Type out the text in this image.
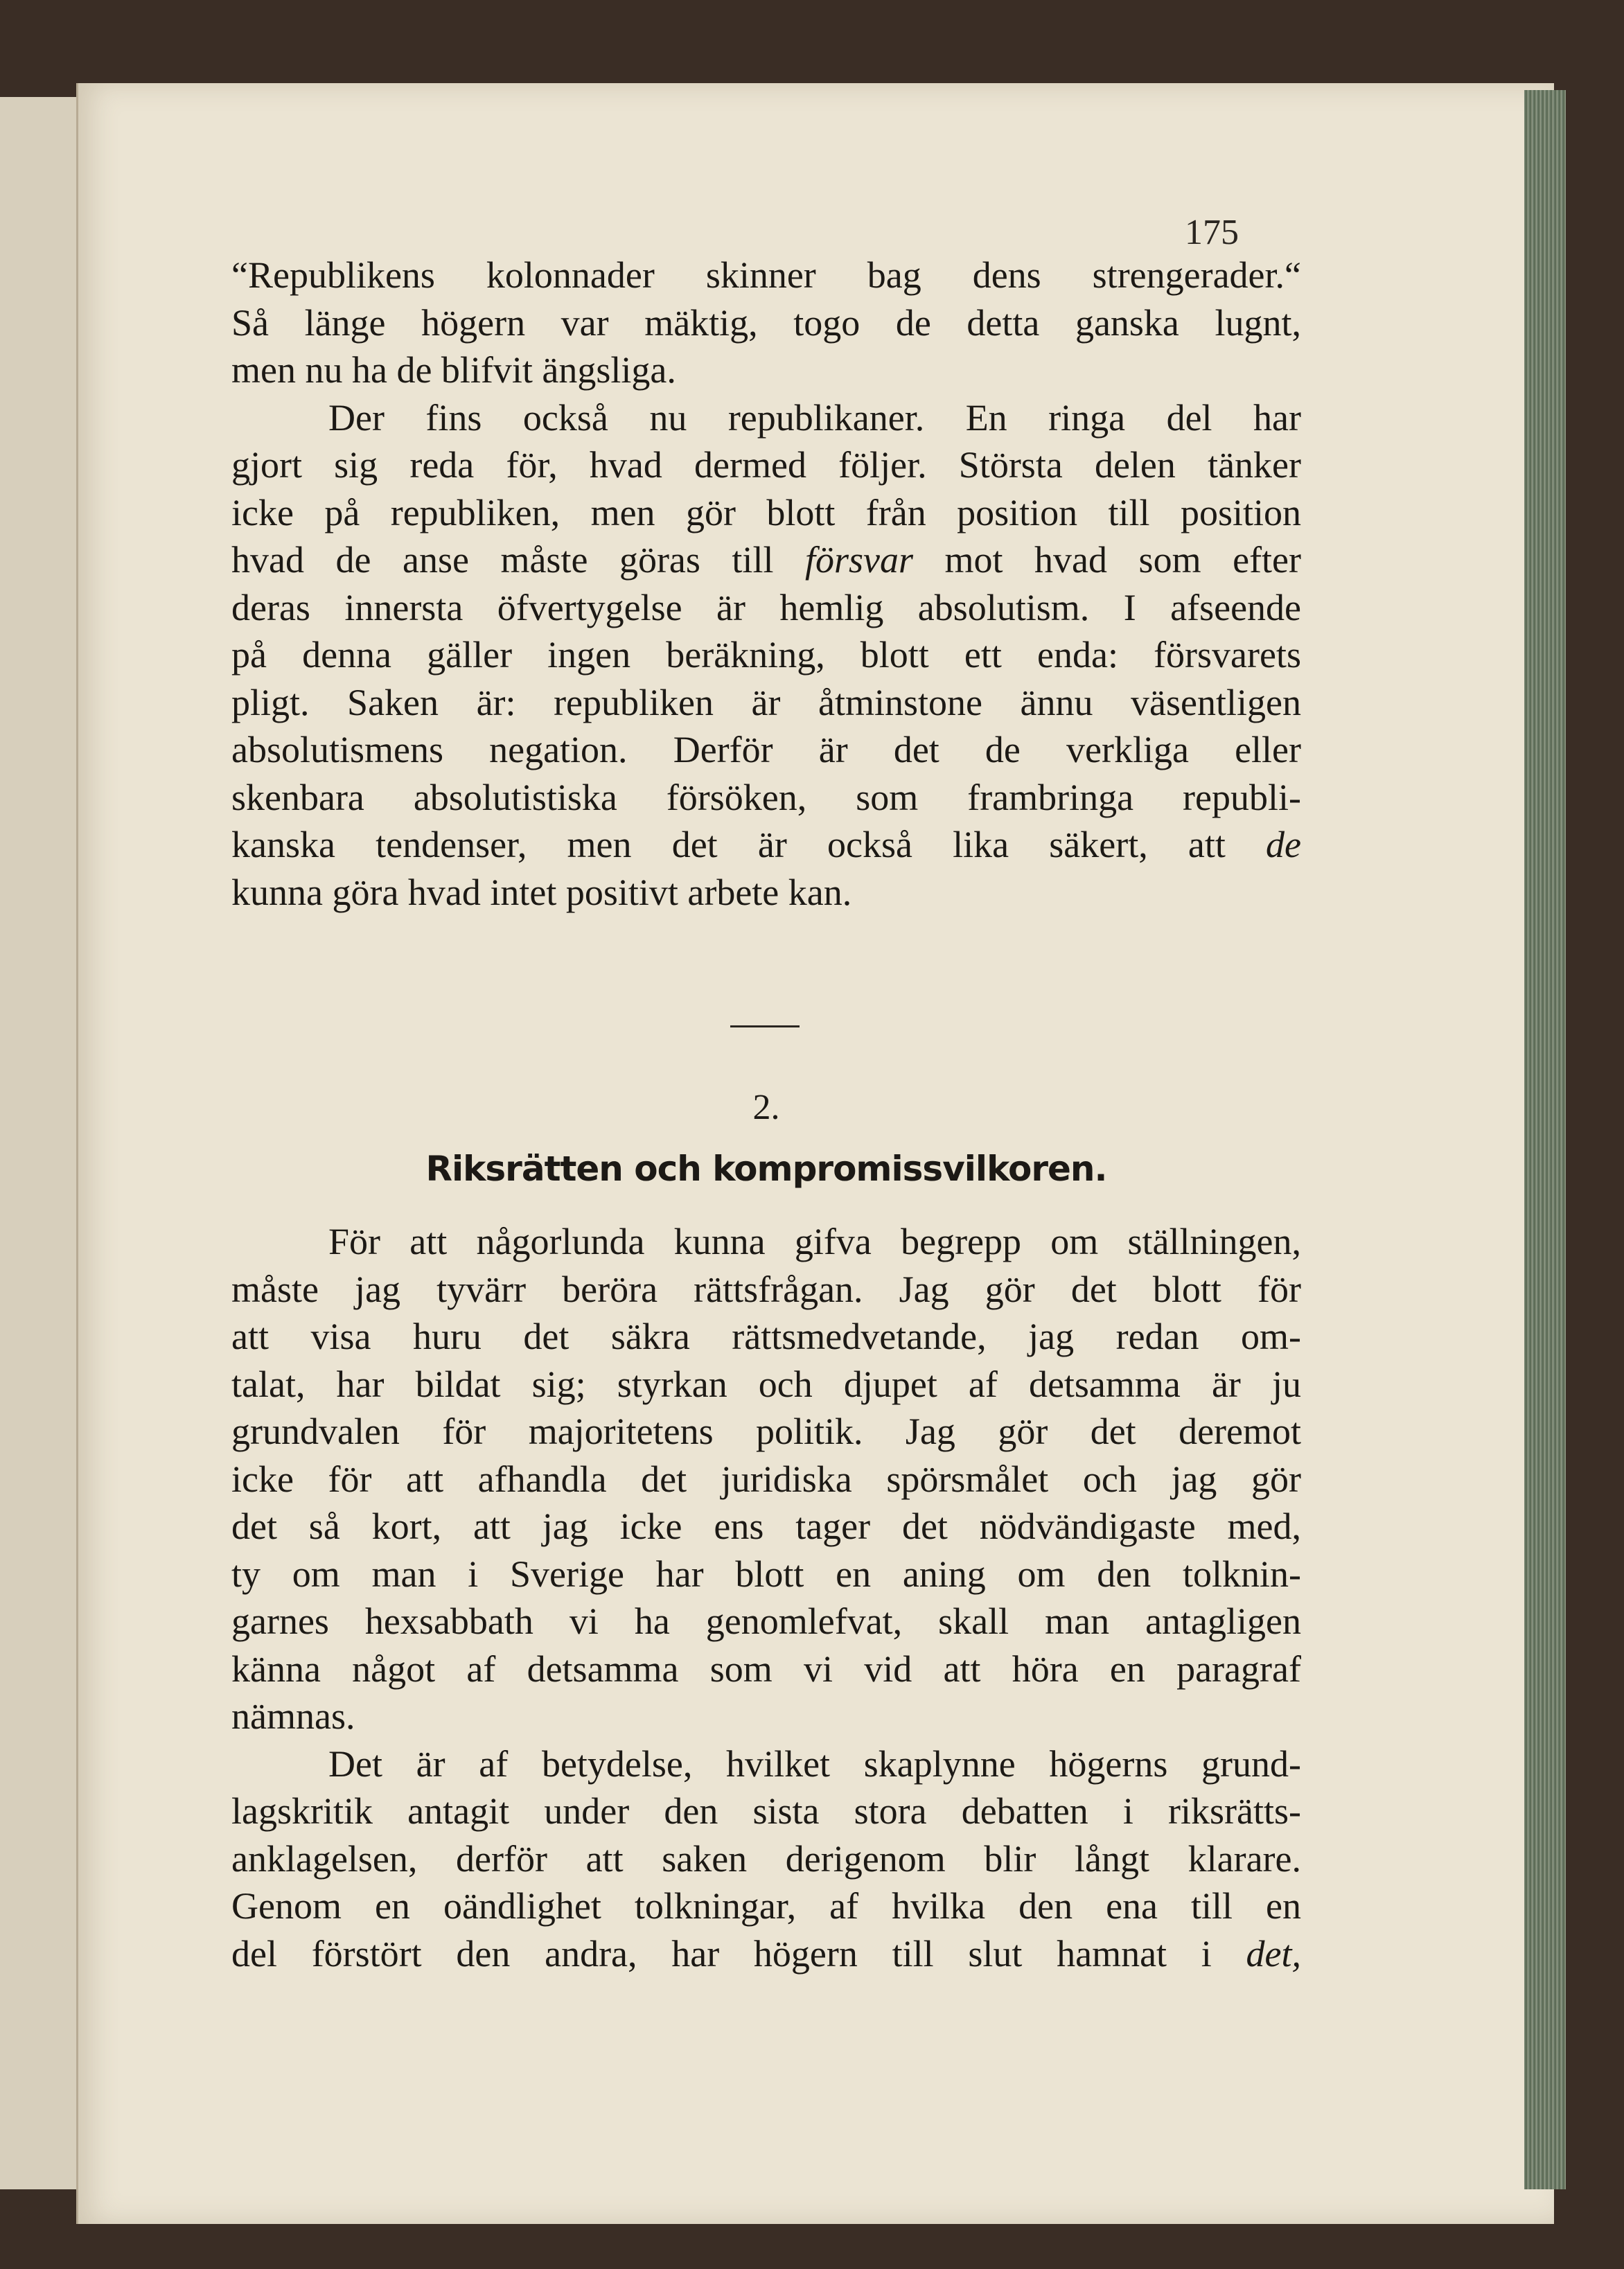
175
“Republikens kolonnader skinner bag dens strengerader.“
Så länge högern var mäktig, togo de detta ganska lugnt,
men nu ha de blifvit ängsliga.
Der fins också nu republikaner. En ringa del har
gjort sig reda för, hvad dermed följer. Största delen tänker
icke på republiken, men gör blott från position till position
hvad de anse måste göras till försvar mot hvad som efter
deras innersta öfvertygelse är hemlig absolutism. I afseende
på denna gäller ingen beräkning, blott ett enda: försvarets
pligt. Saken är: republiken är åtminstone ännu väsentligen
absolutismens negation. Derför är det de verkliga eller
skenbara absolutistiska försöken, som frambringa republi-
kanska tendenser, men det är också lika säkert, att de
kunna göra hvad intet positivt arbete kan.
2.
Riksrätten och kompromissvilkoren.
För att någorlunda kunna gifva begrepp om ställningen,
måste jag tyvärr beröra rättsfrågan. Jag gör det blott för
att visa huru det säkra rättsmedvetande, jag redan om-
talat, har bildat sig; styrkan och djupet af detsamma är ju
grundvalen för majoritetens politik. Jag gör det deremot
icke för att afhandla det juridiska spörsmålet och jag gör
det så kort, att jag icke ens tager det nödvändigaste med,
ty om man i Sverige har blott en aning om den tolknin-
garnes hexsabbath vi ha genomlefvat, skall man antagligen
känna något af detsamma som vi vid att höra en paragraf
nämnas.
Det är af betydelse, hvilket skaplynne högerns grund-
lagskritik antagit under den sista stora debatten i riksrätts-
anklagelsen, derför att saken derigenom blir långt klarare.
Genom en oändlighet tolkningar, af hvilka den ena till en
del förstört den andra, har högern till slut hamnat i det,
